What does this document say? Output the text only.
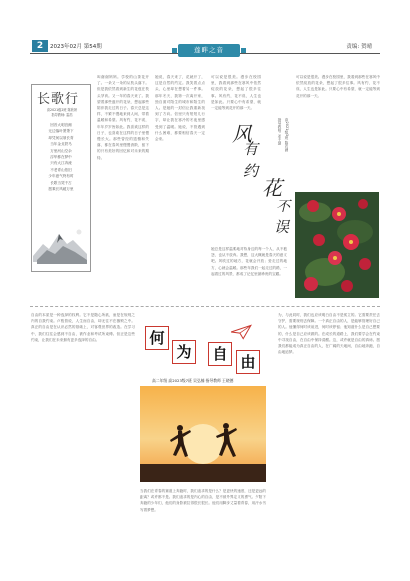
2	2023年02月 第54期	责编: 贺晴
莲畔之音
长歌行
高2021级2班 陈欣妍
指导教师: 雷浩
回首大明宫阙
无边落叶萧萧下
却凭何以颂长青
当年金戈铁马
万里河山空余
浮华都在梦中
只有大江奔流
不老青山依旧
少年意气终有时
长歌当哭千古
愿乘长风破万里
叫谢谢妈妈。学校的山茶花开了。一朵又一朵的从枝头落下。但是我依然看到新生的花苞在枝头孕育。又一年的春天来了。我望着那些盛开的花朵，想起那些陪伴我走过的日子。春天总是这样，不紧不慢地来到人间，带着温暖和希望。风有约，花不误，年年岁岁皆如此。我喜欢这样的日子，也喜欢在这样的日子里慢慢长大。那些曾经的遗憾和失落，都在春风里慢慢消散，留下的只有美好的回忆和对未来的期待。
她说，春天来了，花就开了，这是自然的约定。我笑着点点头，心里却在想着另一件事。那年冬天，我第一次离开家，独自面对陌生的城市和陌生的人。是她的一封信让我重新找到了方向。信里只有短短几行字，却让我在寒冷的冬夜里感受到了温暖。她说，不管遇到什么困难，都要相信春天一定会来。
可以说是很美。漫步在校园里，我看到那些在寒风中依然绽放的花朵，想起了很多往事。风有约，花不误，人生也是如此。只要心中有希望，就一定能等到花开的那一天。
她总是这样温柔地对待身边的每一个人，从不抱怨，也从不放弃。我想，这大概就是春天的意义吧。风吹过的地方，花就会开放；爱走过的地方，心就会温暖。那些年我们一起走过的路，一起看过的风景，都成了记忆里最珍贵的宝藏。
可以说是很美。漫步在校园里，我看到那些在寒风中依然绽放的花朵，想起了很多往事。风有约，花不误，人生也是如此。只要心中有希望，就一定能等到花开的那一天。
风
有
约
花
不
误
高2021级3班 陈若涵
指导教师: 邓千慧
自由的本质是一种选择的权利。它不是随心所欲，而是在规则之内的自我约束。卢梭曾说，人生而自由，却无往不在枷锁之中。真正的自由是在认识必然的基础上，对客观世界的改造。在学习中，我们往往会感到不自由，被作业和考试所束缚。但正是这些约束，让我们在未来拥有更多选择的自由。
为，与此同时，我们也应该明白自由不是孤立的。它需要责任去守护，需要规则去保障。一个真正自由的人，是能够管理好自己的人。他懂得何时该前进，何时该停留；他知道什么是自己想要的，什么是自己应该做的。在成长的道路上，我们要学会在约束中寻找自由，在自由中保持清醒。这，或许就是自由的真谛。愿我们都能成为真正自由的人，在广阔的天地间，自由地奔跑，自由地追梦。
当我们在青春的赛道上奔跑时，我们追求的是什么？是更快的速度，还是更远的距离？或许都不是。我们追求的是内心的自由，是不被外界定义的勇气。夕阳下奔跑的少年们，他们的身影被拉得很长很长。他们用脚步丈量着青春，用汗水书写着梦想。
何
为	自 由
高二年级 高2023级7班 吴弘楠 指导教师 王晓德
